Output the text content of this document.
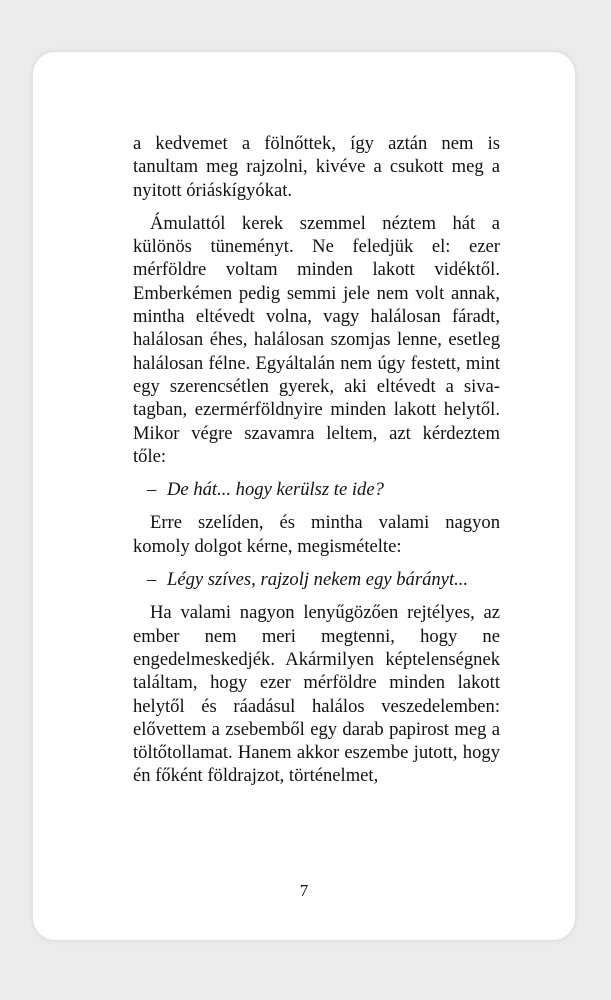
a kedvemet a fölnőttek, így aztán nem is tanultam meg rajzolni, kivéve a csukott meg a nyitott óriáskígyókat.

Ámulattól kerek szemmel néztem hát a különös tüneményt. Ne feledjük el: ezer mérföldre voltam minden lakott vidéktől. Emberkémen pedig semmi jele nem volt annak, mintha eltévedt volna, vagy halálosan fáradt, halálosan éhes, halálosan szomjas lenne, esetleg halálosan félne. Egyáltalán nem úgy festett, mint egy szerencsétlen gyerek, aki eltévedt a sivatagban, ezermérföldnyire minden lakott helytől. Mikor végre szavamra leltem, azt kérdeztem tőle:

– De hát... hogy kerülsz te ide?

Erre szelíden, és mintha valami nagyon komoly dolgot kérne, megismételte:

– Légy szíves, rajzolj nekem egy bárányt...

Ha valami nagyon lenyűgözően rejtélyes, az ember nem meri megtenni, hogy ne engedelmeskedjék. Akármilyen képtelenségnek találtam, hogy ezer mérföldre minden lakott helytől és ráadásul halálos veszedelemben: elővettem a zsebemből egy darab papirost meg a töltőtollamat. Hanem akkor eszembe jutott, hogy én főként földrajzot, történelmet,

7
